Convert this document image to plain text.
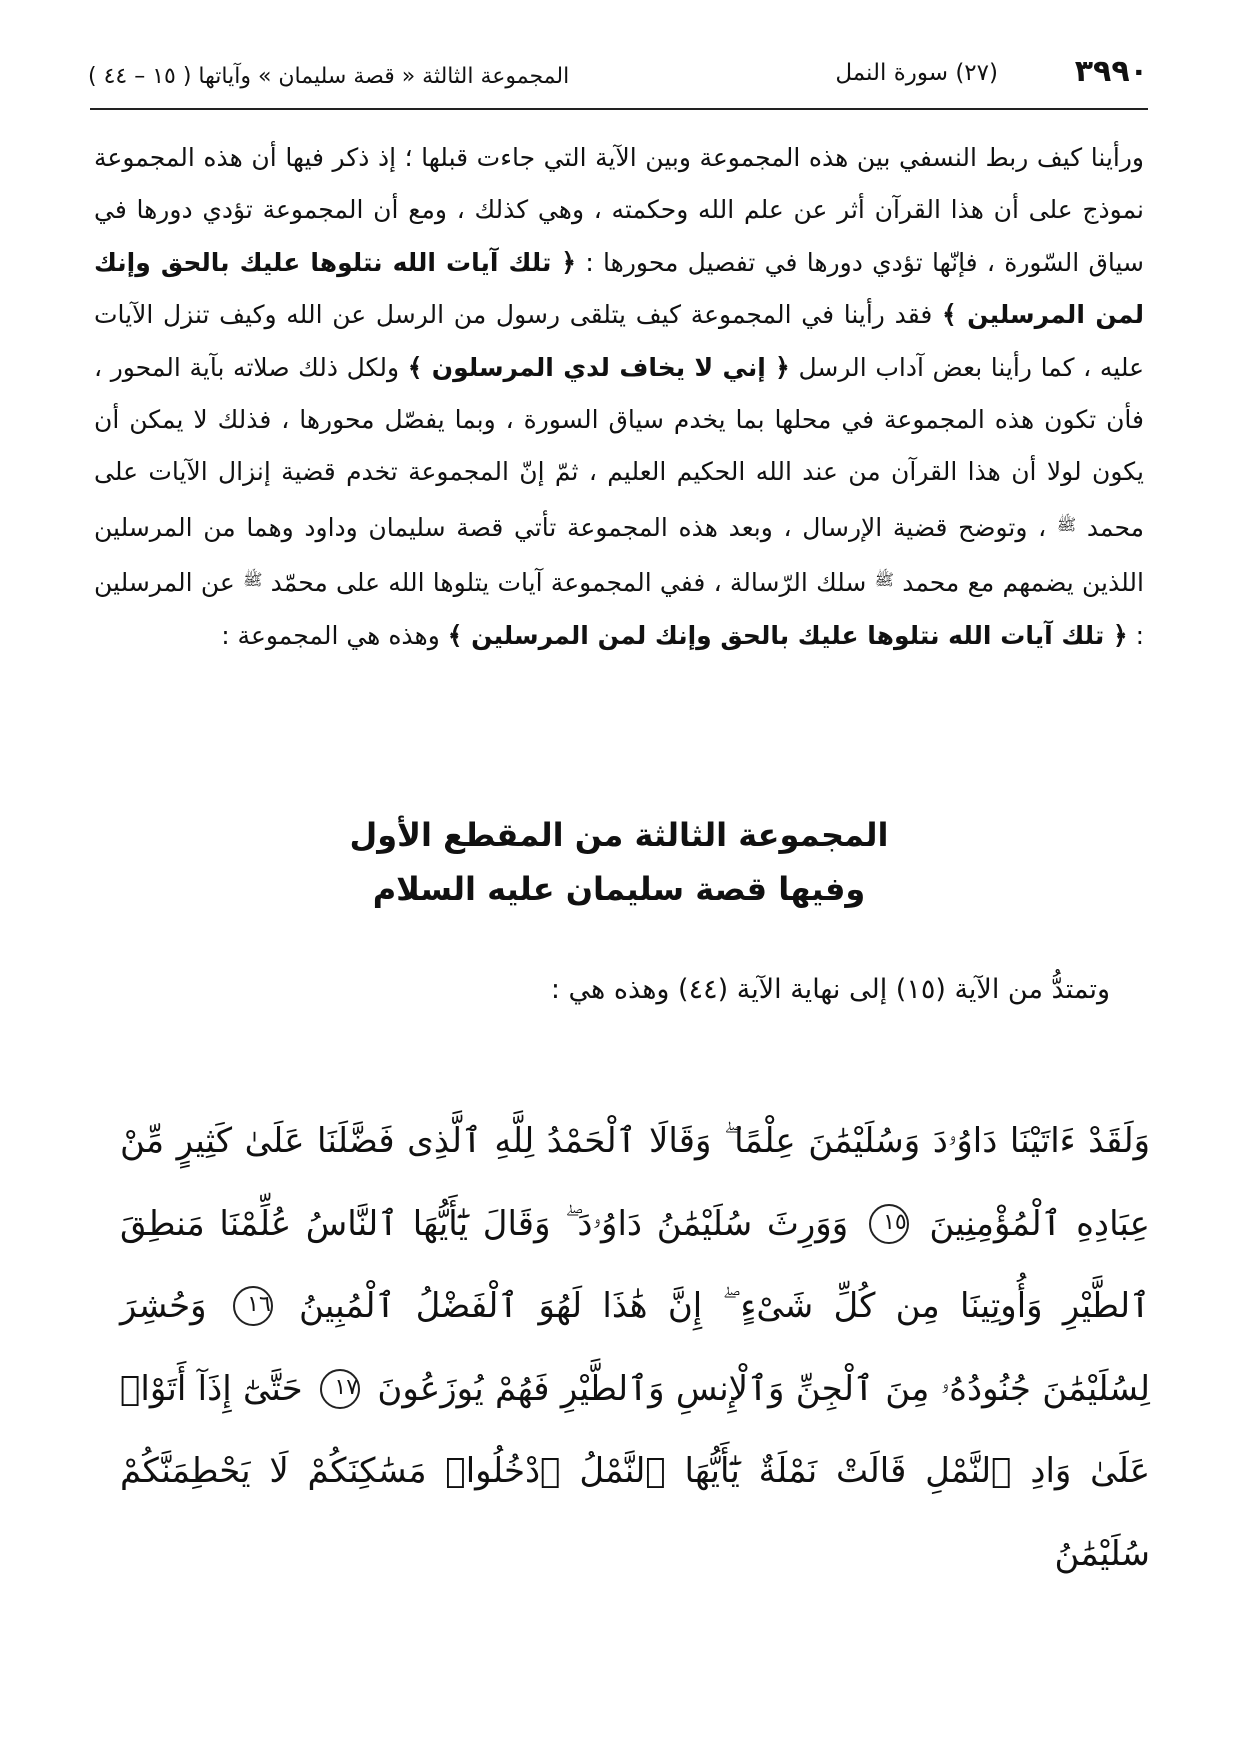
٣٩٩٠
(٢٧) سورة النمل
المجموعة الثالثة « قصة سليمان » وآياتها ( ١٥ – ٤٤ )
ورأينا كيف ربط النسفي بين هذه المجموعة وبين الآية التي جاءت قبلها ؛ إذ ذكر فيها أن هذه المجموعة نموذج على أن هذا القرآن أثر عن علم الله وحكمته ، وهي كذلك ، ومع أن المجموعة تؤدي دورها في سياق السّورة ، فإنّها تؤدي دورها في تفصيل محورها : ﴿ تلك آيات الله نتلوها عليك بالحق وإنك لمن المرسلين ﴾ فقد رأينا في المجموعة كيف يتلقى رسول من الرسل عن الله وكيف تنزل الآيات عليه ، كما رأينا بعض آداب الرسل ﴿ إني لا يخاف لدي المرسلون ﴾ ولكل ذلك صلاته بآية المحور ، فأن تكون هذه المجموعة في محلها بما يخدم سياق السورة ، وبما يفصّل محورها ، فذلك لا يمكن أن يكون لولا أن هذا القرآن من عند الله الحكيم العليم ، ثمّ إنّ المجموعة تخدم قضية إنزال الآيات على محمد $^ﷺ$ ، وتوضح قضية الإرسال ، وبعد هذه المجموعة تأتي قصة سليمان وداود وهما من المرسلين اللذين يضمهم مع محمد $^ﷺ$ سلك الرّسالة ، ففي المجموعة آيات يتلوها الله على محمّد $^ﷺ$ عن المرسلين : ﴿ تلك آيات الله نتلوها عليك بالحق وإنك لمن المرسلين ﴾ وهذه هي المجموعة :
المجموعة الثالثة من المقطع الأول
وفيها قصة سليمان عليه السلام
وتمتدُّ من الآية (١٥) إلى نهاية الآية (٤٤) وهذه هي :
وَلَقَدْ ءَاتَيْنَا دَاوُۥدَ وَسُلَيْمَٰنَ عِلْمًا ۖ وَقَالَا ٱلْحَمْدُ لِلَّهِ ٱلَّذِى فَضَّلَنَا عَلَىٰ كَثِيرٍ مِّنْ عِبَادِهِ ٱلْمُؤْمِنِينَ ١٥ وَوَرِثَ سُلَيْمَٰنُ دَاوُۥدَ ۖ وَقَالَ يَٰٓأَيُّهَا ٱلنَّاسُ عُلِّمْنَا مَنطِقَ ٱلطَّيْرِ وَأُوتِينَا مِن كُلِّ شَىْءٍ ۖ إِنَّ هَٰذَا لَهُوَ ٱلْفَضْلُ ٱلْمُبِينُ ١٦ وَحُشِرَ لِسُلَيْمَٰنَ جُنُودُهُۥ مِنَ ٱلْجِنِّ وَٱلْإِنسِ وَٱلطَّيْرِ فَهُمْ يُوزَعُونَ ١٧ حَتَّىٰٓ إِذَآ أَتَوْا۟ عَلَىٰ وَادِ ٱلنَّمْلِ قَالَتْ نَمْلَةٌ يَٰٓأَيُّهَا ٱلنَّمْلُ ٱدْخُلُوا۟ مَسَٰكِنَكُمْ لَا يَحْطِمَنَّكُمْ سُلَيْمَٰنُ
